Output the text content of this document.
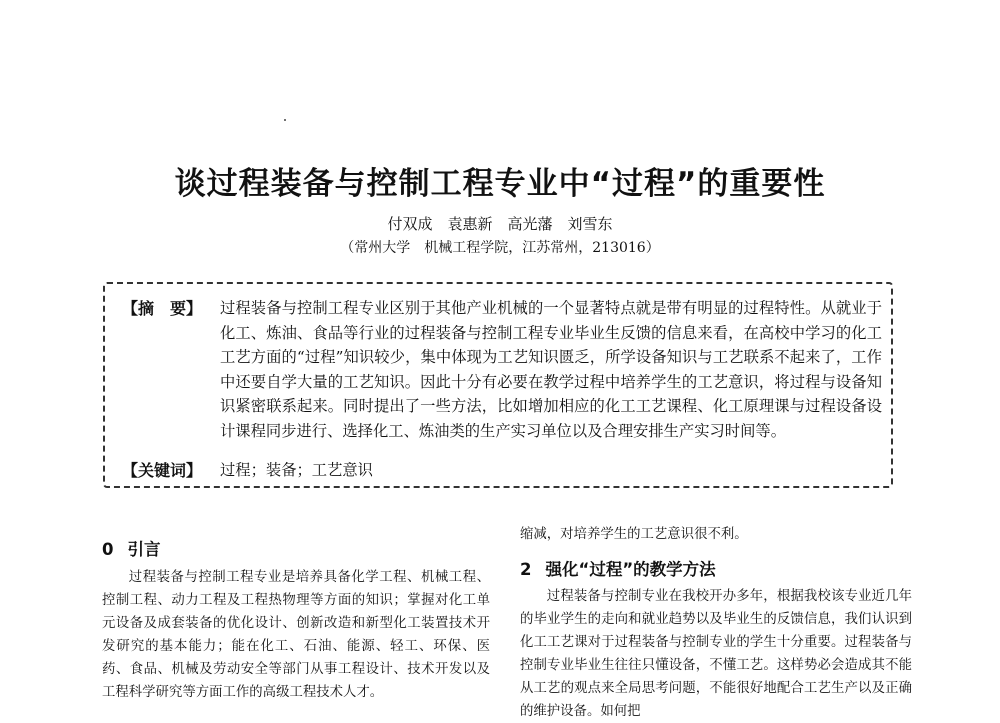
谈过程装备与控制工程专业中“过程”的重要性
付双成　袁惠新　高光藩　刘雪东
（常州大学　机械工程学院，江苏常州，213016）
【摘　要】 过程装备与控制工程专业区别于其他产业机械的一个显著特点就是带有明显的过程特性。从就业于化工、炼油、食品等行业的过程装备与控制工程专业毕业生反馈的信息来看，在高校中学习的化工工艺方面的“过程”知识较少，集中体现为工艺知识匮乏，所学设备知识与工艺联系不起来了，工作中还要自学大量的工艺知识。因此十分有必要在教学过程中培养学生的工艺意识，将过程与设备知识紧密联系起来。同时提出了一些方法，比如增加相应的化工工艺课程、化工原理课与过程设备设计课程同步进行、选择化工、炼油类的生产实习单位以及合理安排生产实习时间等。

【关键词】 过程；装备；工艺意识
0 引言

过程装备与控制工程专业是培养具备化学工程、机械工程、控制工程、动力工程及工程热物理等方面的知识；掌握对化工单元设备及成套装备的优化设计、创新改造和新型化工装置技术开发研究的基本能力；能在化工、石油、能源、轻工、环保、医药、食品、机械及劳动安全等部门从事工程设计、技术开发以及工程科学研究等方面工作的高级工程技术人才。

缩减，对培养学生的工艺意识很不利。

2 强化“过程”的教学方法

过程装备与控制专业在我校开办多年，根据我校该专业近几年的毕业学生的走向和就业趋势以及毕业生的反馈信息，我们认识到化工工艺课对于过程装备与控制专业的学生十分重要。过程装备与控制专业毕业生往往只懂设备，不懂工艺。这样势必会造成其不能从工艺的观点来全局思考问题，不能很好地配合工艺生产以及正确的维护设备。如何把
